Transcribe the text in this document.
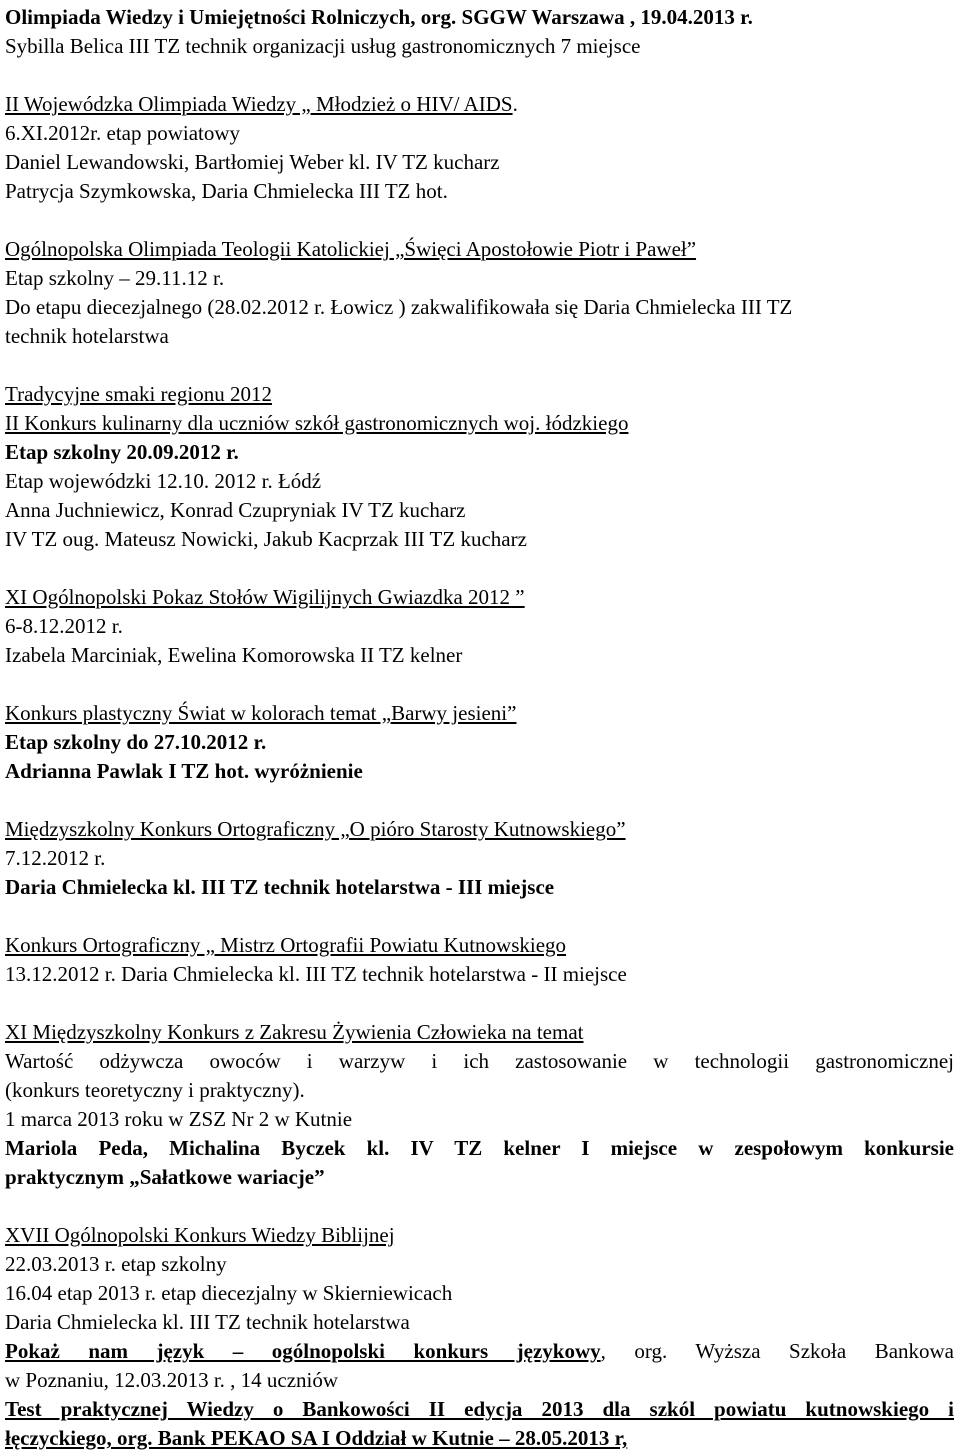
Olimpiada Wiedzy i Umiejętności Rolniczych, org. SGGW Warszawa , 19.04.2013 r.
Sybilla Belica III TZ technik organizacji usług gastronomicznych 7 miejsce
II Wojewódzka Olimpiada Wiedzy „ Młodzież o HIV/ AIDS.
6.XI.2012r. etap powiatowy
Daniel Lewandowski, Bartłomiej Weber kl. IV TZ kucharz
Patrycja Szymkowska, Daria Chmielecka III TZ hot.
Ogólnopolska Olimpiada Teologii Katolickiej „Święci Apostołowie Piotr i Paweł”
Etap szkolny – 29.11.12 r.
Do etapu diecezjalnego (28.02.2012 r. Łowicz ) zakwalifikowała się Daria Chmielecka III TZ
technik hotelarstwa
Tradycyjne smaki regionu 2012
II Konkurs kulinarny dla uczniów szkół gastronomicznych woj. łódzkiego
Etap szkolny 20.09.2012 r.
Etap wojewódzki 12.10. 2012 r. Łódź
Anna Juchniewicz, Konrad Czupryniak IV TZ kucharz
IV TZ oug. Mateusz Nowicki, Jakub Kacprzak III TZ kucharz
XI Ogólnopolski Pokaz Stołów Wigilijnych Gwiazdka 2012 ”
6-8.12.2012 r.
Izabela Marciniak, Ewelina Komorowska II TZ kelner
Konkurs plastyczny Świat w kolorach temat „Barwy jesieni”
Etap szkolny do 27.10.2012 r.
Adrianna Pawlak I TZ hot. wyróżnienie
Międzyszkolny Konkurs Ortograficzny „O pióro Starosty Kutnowskiego”
7.12.2012 r.
Daria Chmielecka kl. III TZ technik hotelarstwa - III miejsce
Konkurs Ortograficzny „ Mistrz Ortografii Powiatu Kutnowskiego
13.12.2012 r. Daria Chmielecka kl. III TZ technik hotelarstwa - II miejsce
XI Międzyszkolny Konkurs z Zakresu Żywienia Człowieka na temat
Wartość odżywcza owoców i warzyw i ich zastosowanie w technologii gastronomicznej
(konkurs teoretyczny i praktyczny).
1 marca 2013 roku w ZSZ Nr 2 w Kutnie
Mariola Peda, Michalina Byczek kl. IV TZ kelner I miejsce w zespołowym konkursie
praktycznym „Sałatkowe wariacje”
XVII Ogólnopolski Konkurs Wiedzy Biblijnej
22.03.2013 r. etap szkolny
16.04 etap 2013 r. etap diecezjalny w Skierniewicach
Daria Chmielecka kl. III TZ technik hotelarstwa
Pokaż nam język – ogólnopolski konkurs językowy, org. Wyższa Szkoła Bankowa
w Poznaniu, 12.03.2013 r. , 14 uczniów
Test praktycznej Wiedzy o Bankowości II edycja 2013 dla szkól powiatu kutnowskiego i
łęczyckiego, org. Bank PEKAO SA I Oddział w Kutnie – 28.05.2013 r,
